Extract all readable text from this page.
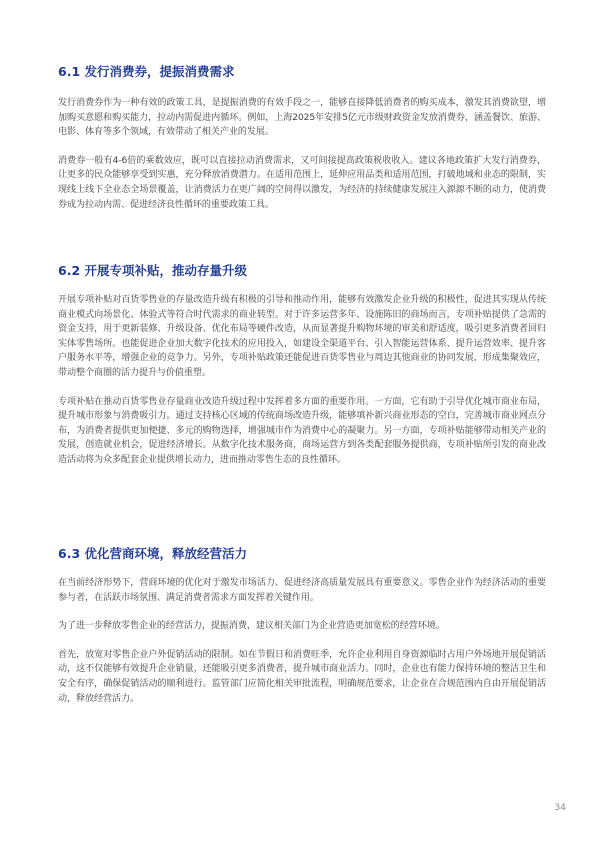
6.1 发行消费券，提振消费需求

发行消费券作为一种有效的政策工具，是提振消费的有效手段之一，能够直接降低消费者的购买成本，激发其消费欲望，增加购买意愿和购买能力，拉动内需促进内循环。例如，上海2025年安排5亿元市级财政资金发放消费券，涵盖餐饮、旅游、电影、体育等多个领域，有效带动了相关产业的发展。

消费券一般有4-6倍的乘数效应，既可以直接拉动消费需求，又可间接提高政策税收收入。建议各地政策扩大发行消费券，让更多的民众能够享受到实惠，充分释放消费潜力。在适用范围上，延伸应用品类和适用范围，打破地域和业态的限制，实现线上线下全业态全场景覆盖，让消费活力在更广阔的空间得以激发，为经济的持续健康发展注入源源不断的动力，使消费券成为拉动内需、促进经济良性循环的重要政策工具。

6.2 开展专项补贴，推动存量升级

开展专项补贴对百货零售业的存量改造升级有积极的引导和推动作用，能够有效激发企业升级的积极性，促进其实现从传统商业模式向场景化、体验式等符合时代需求的商业转型。对于许多运营多年、设施陈旧的商场而言，专项补贴提供了急需的资金支持，用于更新装修、升级设备、优化布局等硬件改造，从而显著提升购物环境的审美和舒适度，吸引更多消费者回归实体零售场所。也能促进企业加大数字化技术的应用投入，如建设全渠道平台、引入智能运营体系、提升运营效率、提升客户服务水平等，增强企业的竞争力。另外，专项补贴政策还能促进百货零售业与周边其他商业的协同发展，形成集聚效应，带动整个商圈的活力提升与价值重塑。

专项补贴在推动百货零售业存量商业改造升级过程中发挥着多方面的重要作用。一方面，它有助于引导优化城市商业布局，提升城市形象与消费吸引力。通过支持核心区域的传统商场改造升级，能够填补新兴商业形态的空白，完善城市商业网点分布，为消费者提供更加便捷、多元的购物选择，增强城市作为消费中心的凝聚力。另一方面，专项补贴能够带动相关产业的发展，创造就业机会，促进经济增长。从数字化技术服务商，商场运营方到各类配套服务提供商，专项补贴所引发的商业改造活动将为众多配套企业提供增长动力，进而推动零售生态的良性循环。

6.3 优化营商环境，释放经营活力

在当前经济形势下，营商环境的优化对于激发市场活力、促进经济高质量发展具有重要意义。零售企业作为经济活动的重要参与者，在活跃市场氛围、满足消费者需求方面发挥着关键作用。

为了进一步释放零售企业的经营活力，提振消费，建议相关部门为企业营造更加宽松的经营环境。

首先，放宽对零售企业户外促销活动的限制。如在节假日和消费旺季，允许企业利用自身资源临时占用户外场地开展促销活动，这不仅能够有效提升企业销量，还能吸引更多消费者，提升城市商业活力。同时，企业也有能力保持环境的整洁卫生和安全有序，确保促销活动的顺利进行。监管部门应简化相关审批流程，明确规范要求，让企业在合规范围内自由开展促销活动，释放经营活力。

34
